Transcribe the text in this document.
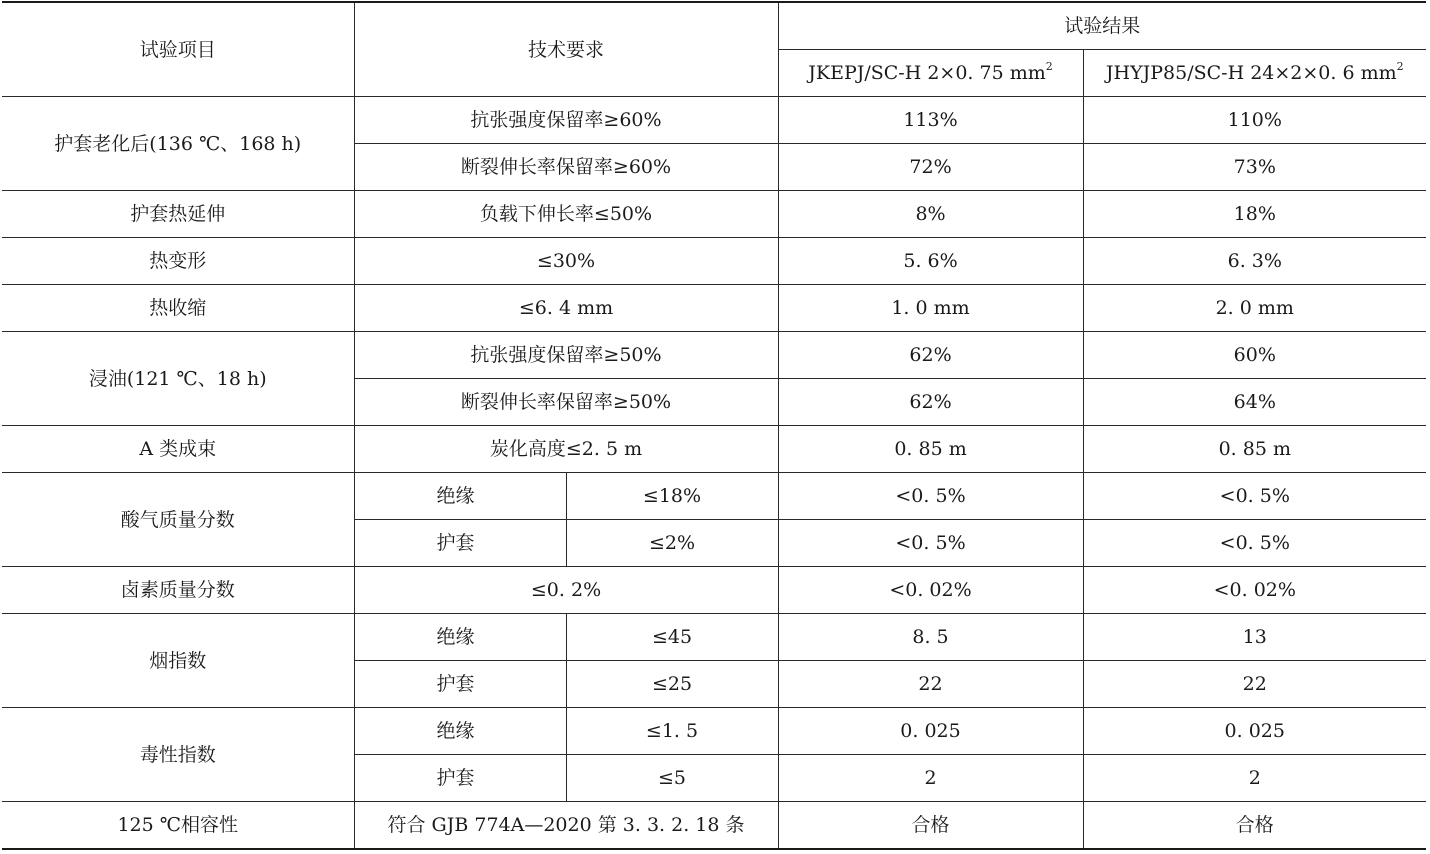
试验项目	技术要求		试验结果	
			JKEPJ/SC-H 2×0. 75 $mm^2$	JHYJP85/SC-H 24×2×0. 6 $mm^2$
护套老化后(136 ℃、168 h)	抗张强度保留率≥60%		113%	110%
	断裂伸长率保留率≥60%		72%	73%
护套热延伸	负载下伸长率≤50%		8%	18%
热变形	≤30%		5. 6%	6. 3%
热收缩	≤6. 4 mm		1. 0 mm	2. 0 mm
浸油(121 ℃、18 h)	抗张强度保留率≥50%		62%	60%
	断裂伸长率保留率≥50%		62%	64%
A 类成束	炭化高度≤2. 5 m		0. 85 m	0. 85 m
酸气质量分数	绝缘	≤18%	<0. 5%	<0. 5%
	护套	≤2%	<0. 5%	<0. 5%
卤素质量分数	≤0. 2%		<0. 02%	<0. 02%
烟指数	绝缘	≤45	8. 5	13
	护套	≤25	22	22
毒性指数	绝缘	≤1. 5	0. 025	0. 025
	护套	≤5	2	2
125 ℃相容性	符合 GJB 774A—2020 第 3. 3. 2. 18 条		合格	合格
